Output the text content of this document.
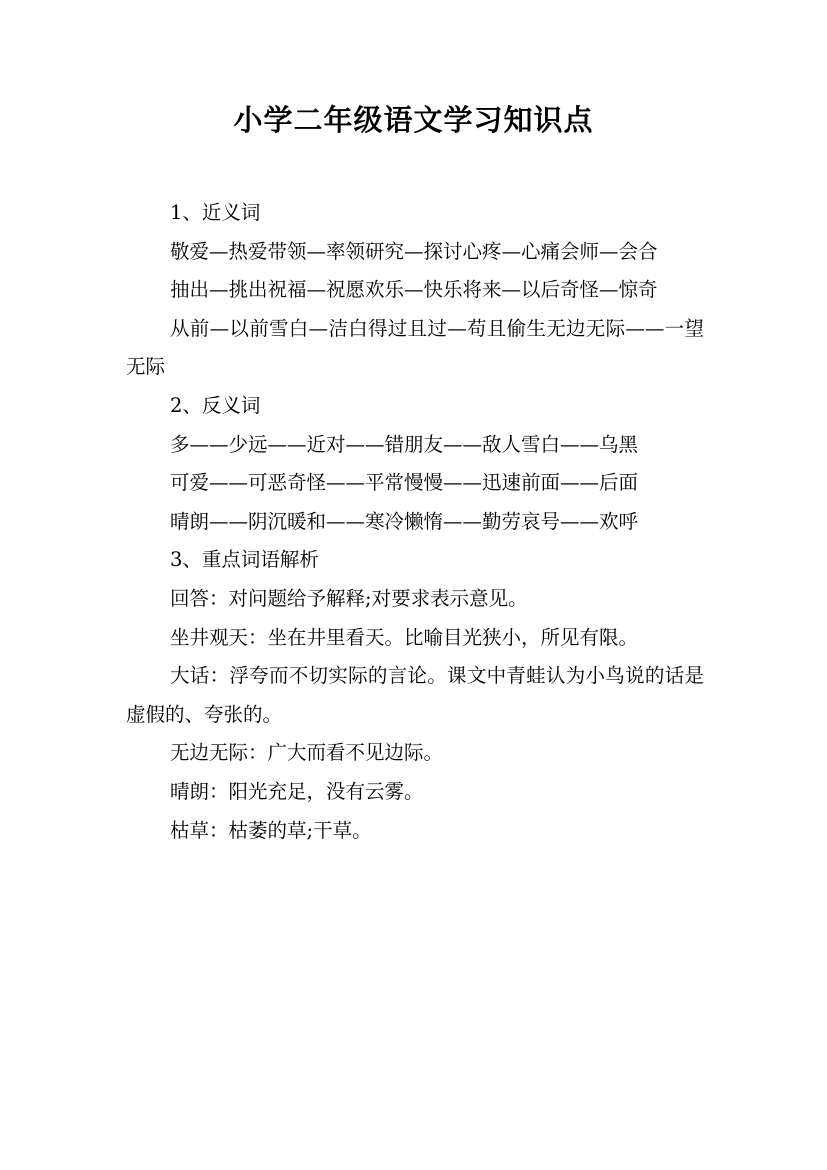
小学二年级语文学习知识点

1、近义词

敬爱—热爱带领—率领研究—探讨心疼—心痛会师—会合

抽出—挑出祝福—祝愿欢乐—快乐将来—以后奇怪—惊奇

从前—以前雪白—洁白得过且过—苟且偷生无边无际——一望无际

2、反义词

多——少远——近对——错朋友——敌人雪白——乌黑

可爱——可恶奇怪——平常慢慢——迅速前面——后面

晴朗——阴沉暖和——寒冷懒惰——勤劳哀号——欢呼

3、重点词语解析

回答：对问题给予解释;对要求表示意见。

坐井观天：坐在井里看天。比喻目光狭小，所见有限。

大话：浮夸而不切实际的言论。课文中青蛙认为小鸟说的话是虚假的、夸张的。

无边无际：广大而看不见边际。

晴朗：阳光充足，没有云雾。

枯草：枯萎的草;干草。
